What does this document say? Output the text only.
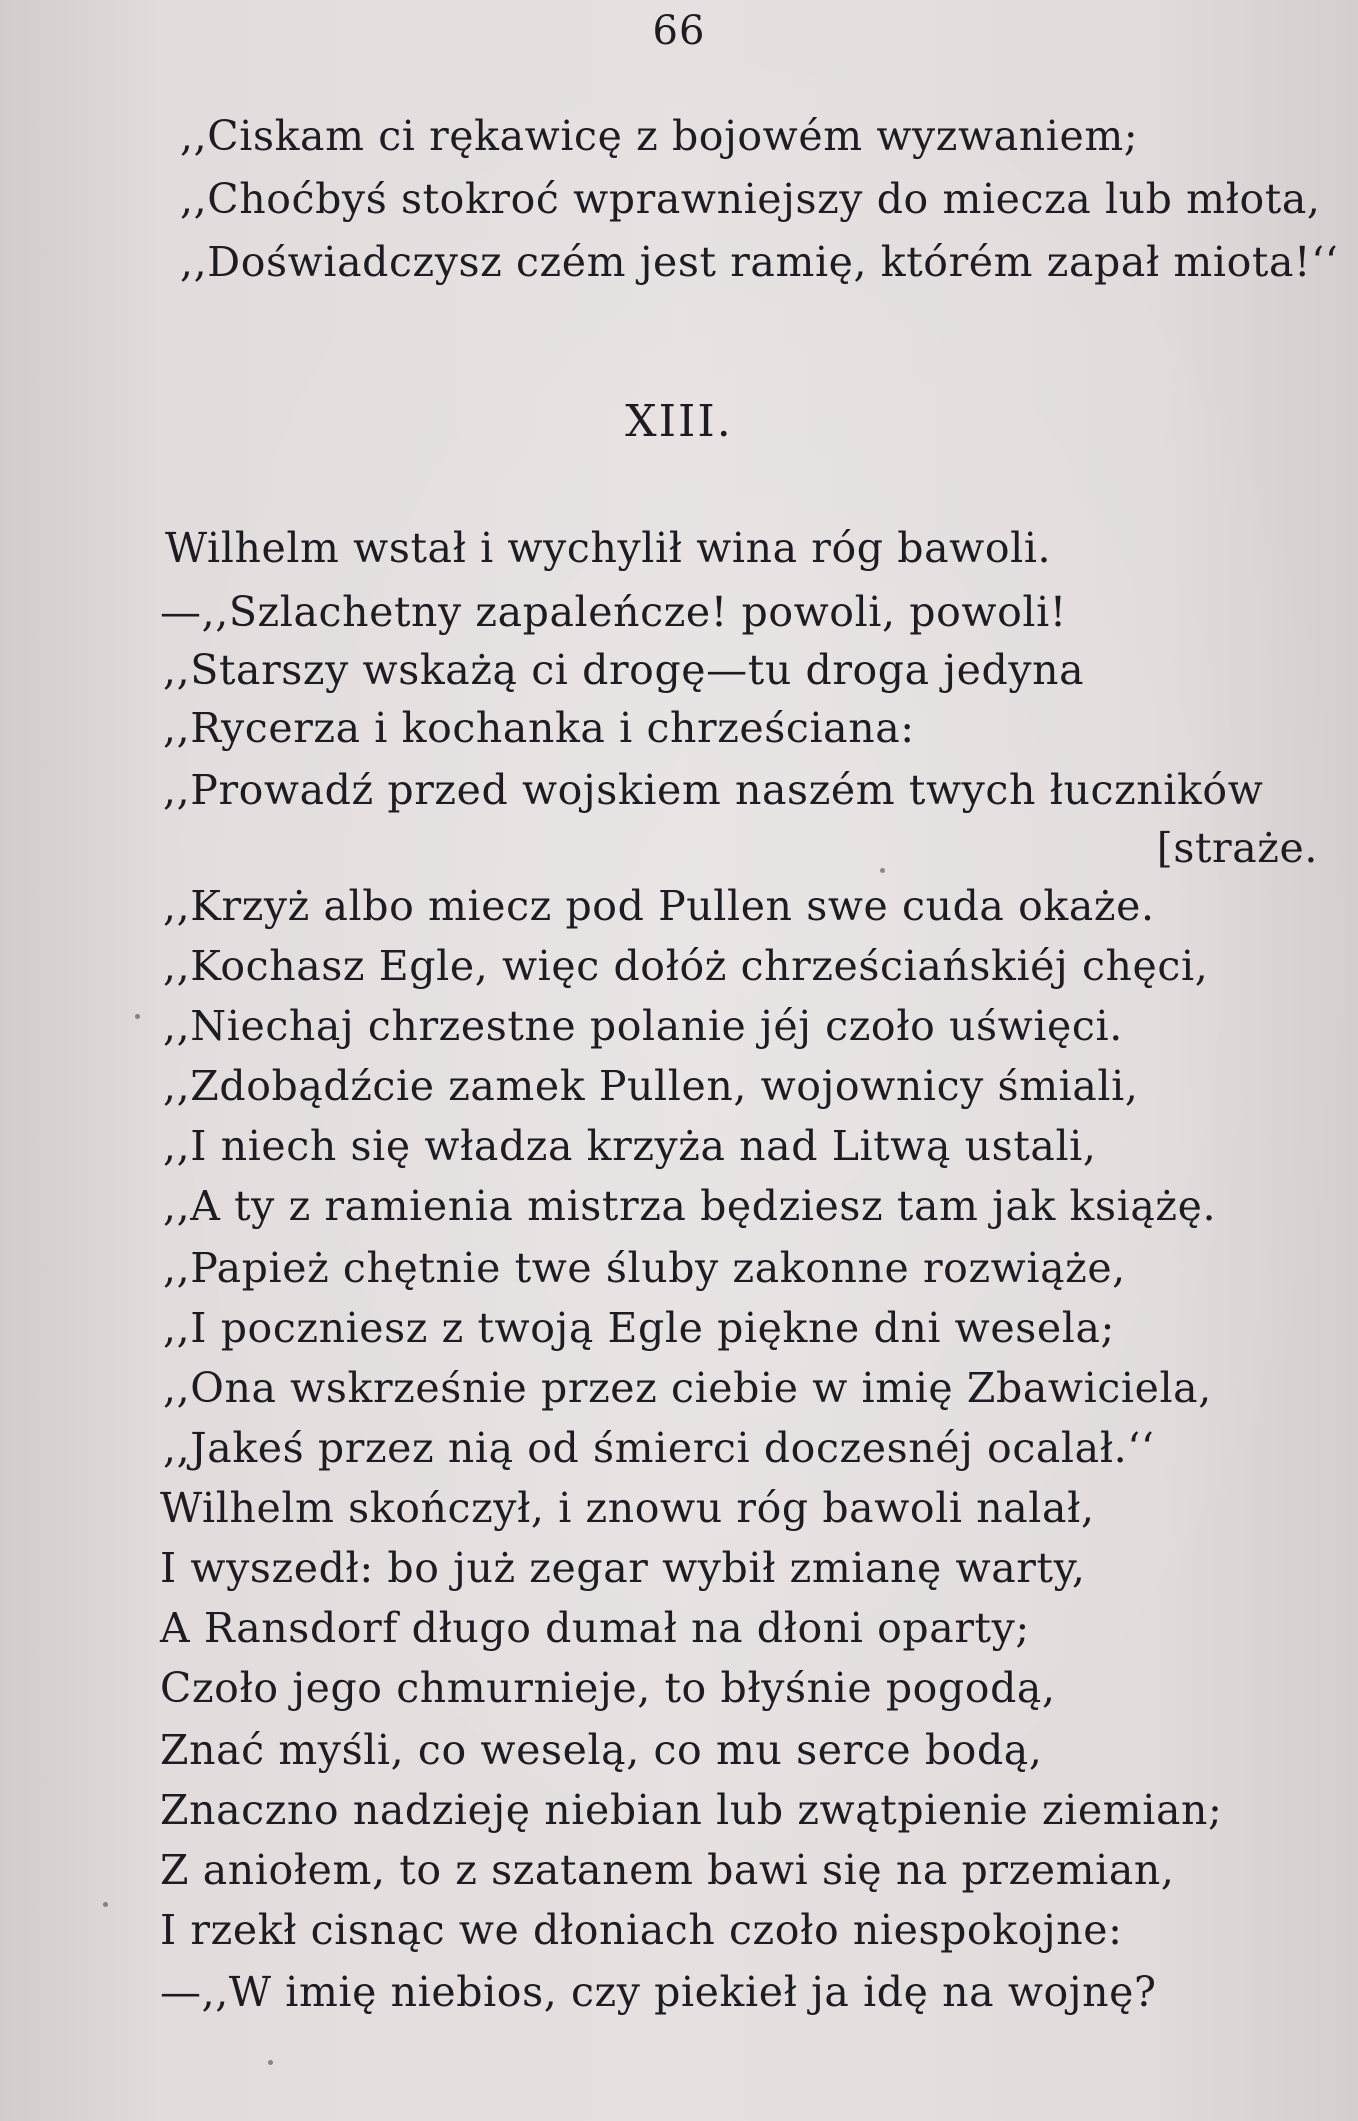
66
,,Ciskam ci rękawicę z bojowém wyzwaniem;
,,Choćbyś stokroć wprawniejszy do miecza lub młota,
,,Doświadczysz czém jest ramię, którém zapał miota!‘‘
XIII.
Wilhelm wstał i wychylił wina róg bawoli.
—,,Szlachetny zapaleńcze! powoli, powoli!
,,Starszy wskażą ci drogę—tu droga jedyna
,,Rycerza i kochanka i chrześciana:
,,Prowadź przed wojskiem naszém twych łuczników
[straże.
,,Krzyż albo miecz pod Pullen swe cuda okaże.
,,Kochasz Egle, więc dołóż chrześciańskiéj chęci,
,,Niechaj chrzestne polanie jéj czoło uświęci.
,,Zdobądźcie zamek Pullen, wojownicy śmiali,
,,I niech się władza krzyża nad Litwą ustali,
,,A ty z ramienia mistrza będziesz tam jak książę.
,,Papież chętnie twe śluby zakonne rozwiąże,
,,I poczniesz z twoją Egle piękne dni wesela;
,,Ona wskrześnie przez ciebie w imię Zbawiciela,
,,Jakeś przez nią od śmierci doczesnéj ocalał.‘‘
Wilhelm skończył, i znowu róg bawoli nalał,
I wyszedł: bo już zegar wybił zmianę warty,
A Ransdorf długo dumał na dłoni oparty;
Czoło jego chmurnieje, to błyśnie pogodą,
Znać myśli, co weselą, co mu serce bodą,
Znaczno nadzieję niebian lub zwątpienie ziemian;
Z aniołem, to z szatanem bawi się na przemian,
I rzekł cisnąc we dłoniach czoło niespokojne:
—,,W imię niebios, czy piekieł ja idę na wojnę?
